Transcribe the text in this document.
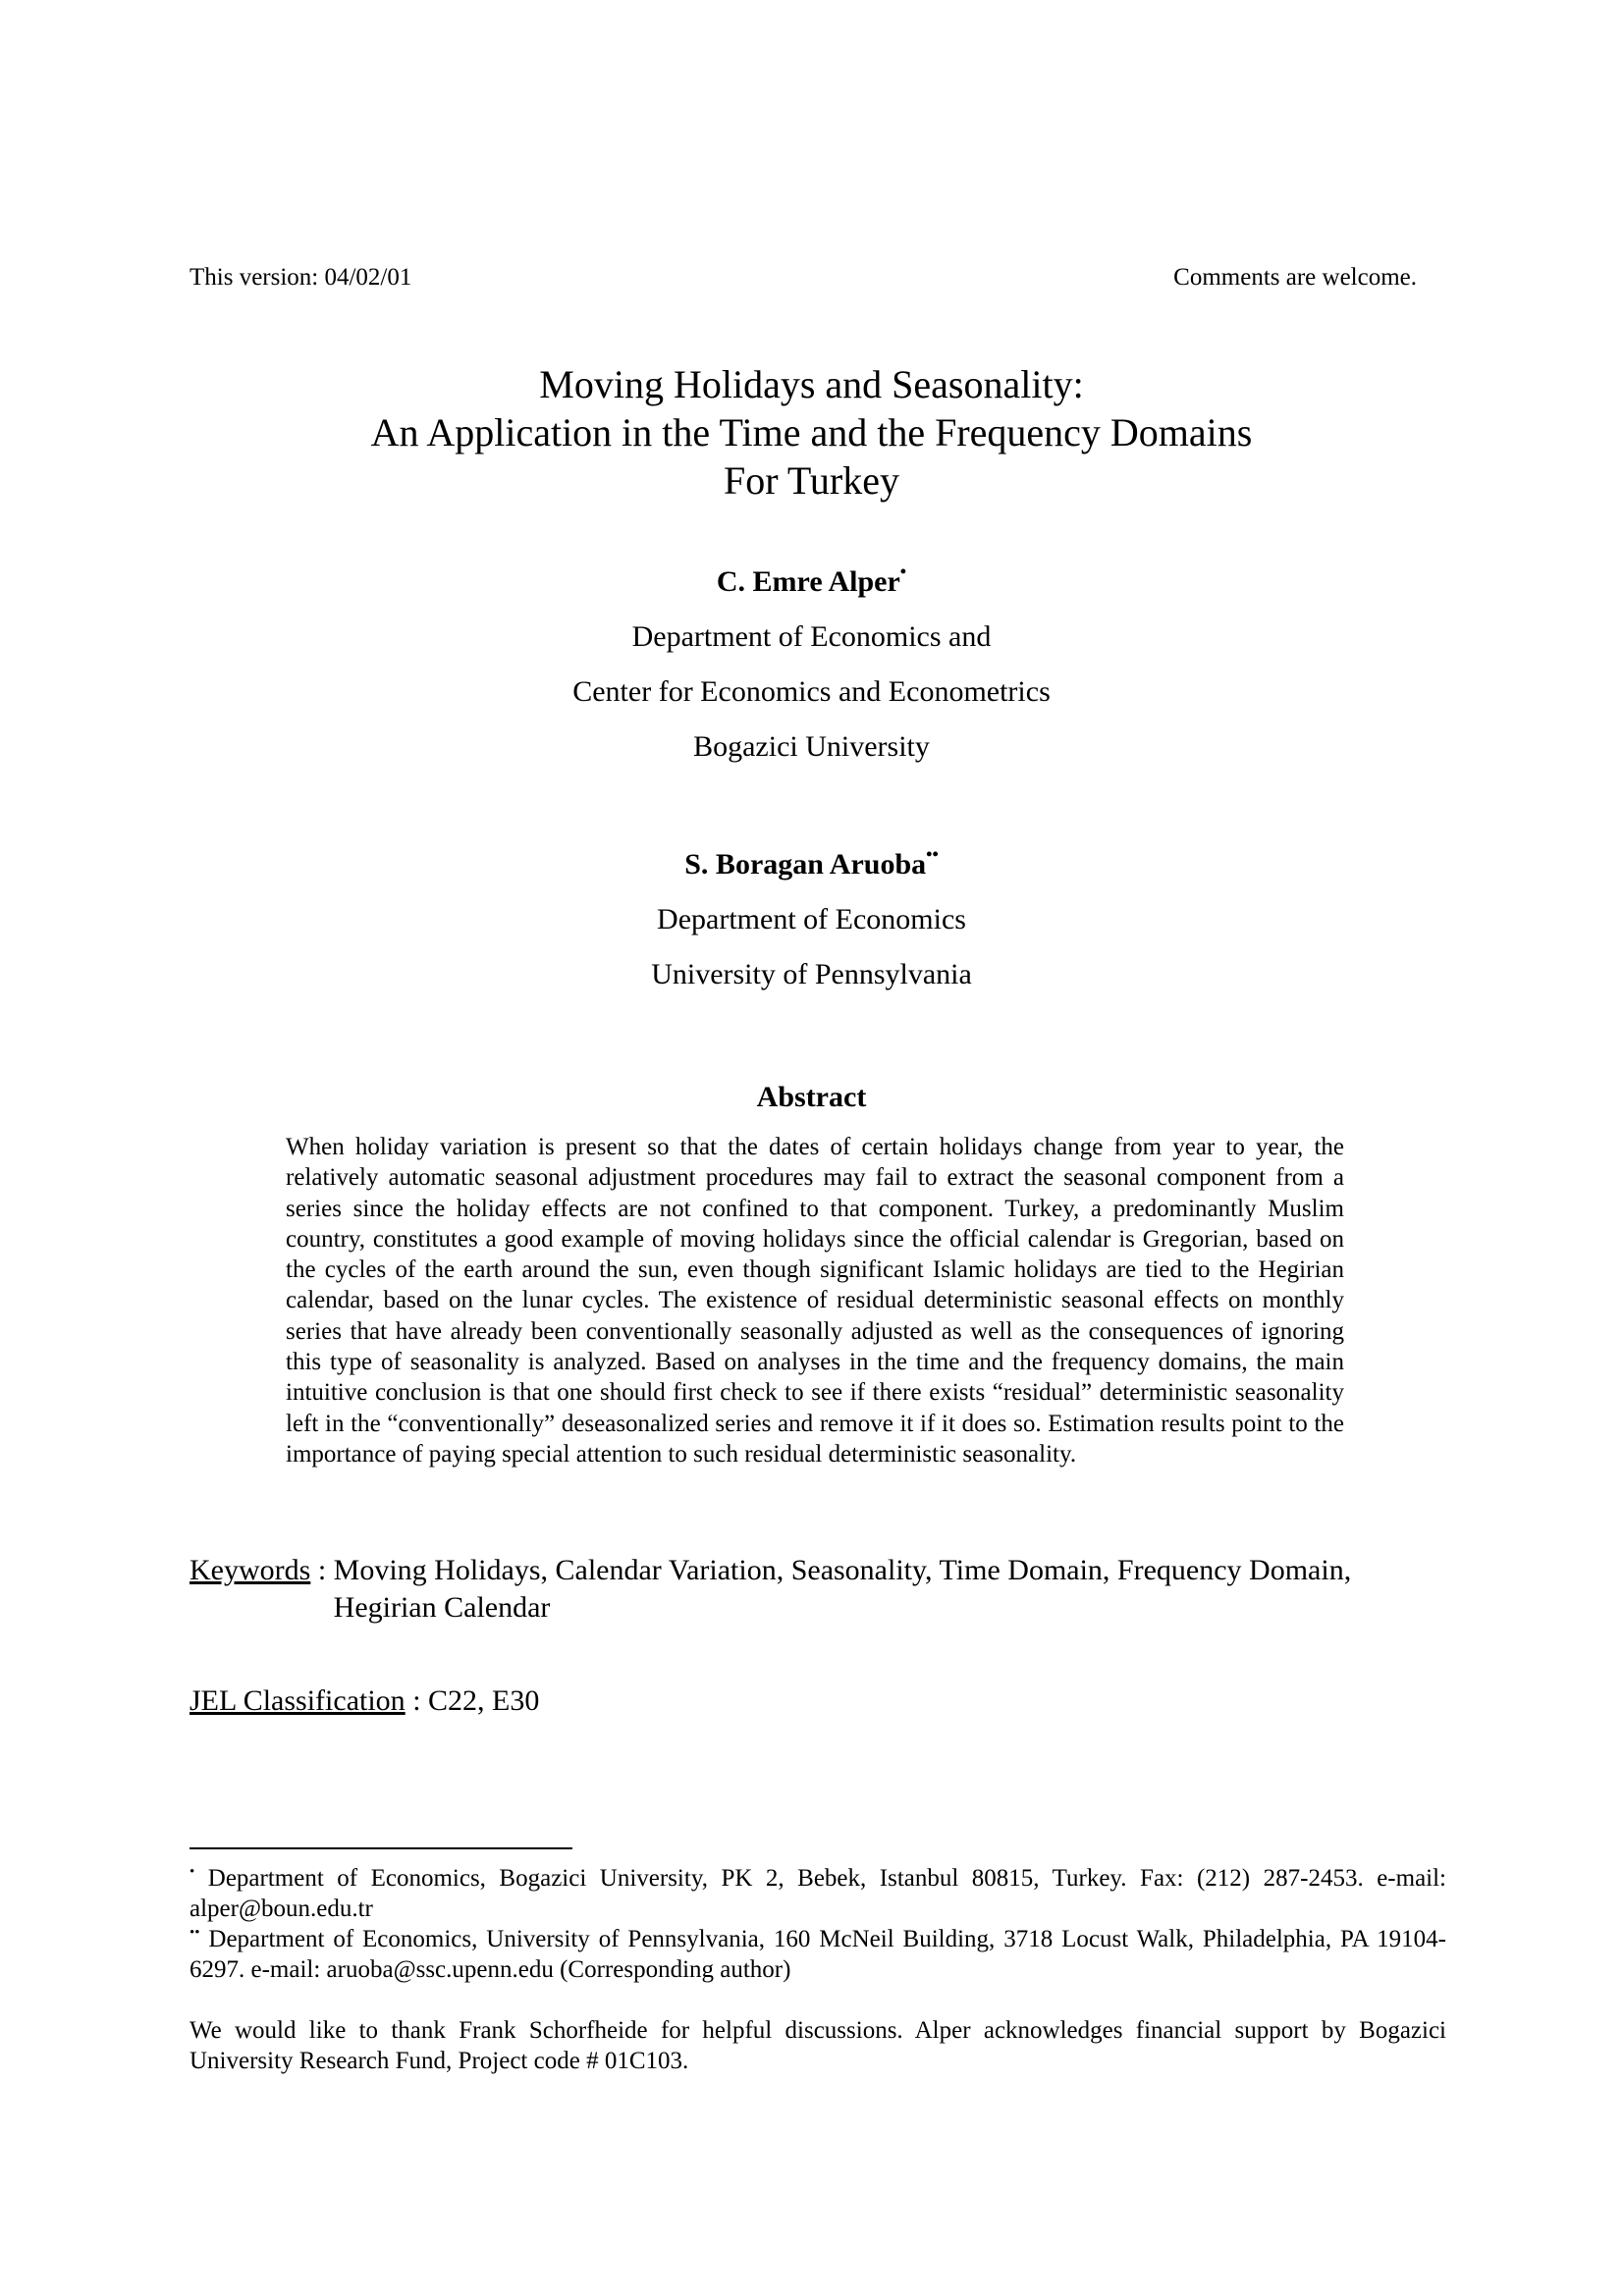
This version: 04/02/01	Comments are welcome.
Moving Holidays and Seasonality:
An Application in the Time and the Frequency Domains
For Turkey

C. Emre Alper•

Department of Economics and

Center for Economics and Econometrics

Bogazici University

S. Boragan Aruoba••

Department of Economics

University of Pennsylvania

Abstract
When holiday variation is present so that the dates of certain holidays change from year to year, the relatively automatic seasonal adjustment procedures may fail to extract the seasonal component from a series since the holiday effects are not confined to that component. Turkey, a predominantly Muslim country, constitutes a good example of moving holidays since the official calendar is Gregorian, based on the cycles of the earth around the sun, even though significant Islamic holidays are tied to the Hegirian calendar, based on the lunar cycles. The existence of residual deterministic seasonal effects on monthly series that have already been conventionally seasonally adjusted as well as the consequences of ignoring this type of seasonality is analyzed. Based on analyses in the time and the frequency domains, the main intuitive conclusion is that one should first check to see if there exists “residual” deterministic seasonality left in the “conventionally” deseasonalized series and remove it if it does so. Estimation results point to the importance of paying special attention to such residual deterministic seasonality.
Keywords : Moving Holidays, Calendar Variation, Seasonality, Time Domain, Frequency Domain, Hegirian Calendar
JEL Classification : C22, E30

• Department of Economics, Bogazici University, PK 2, Bebek, Istanbul 80815, Turkey. Fax: (212) 287-2453. e-mail: alper@boun.edu.tr

•• Department of Economics, University of Pennsylvania, 160 McNeil Building, 3718 Locust Walk, Philadelphia, PA 19104-6297. e-mail: aruoba@ssc.upenn.edu (Corresponding author)

We would like to thank Frank Schorfheide for helpful discussions. Alper acknowledges financial support by Bogazici University Research Fund, Project code # 01C103.
